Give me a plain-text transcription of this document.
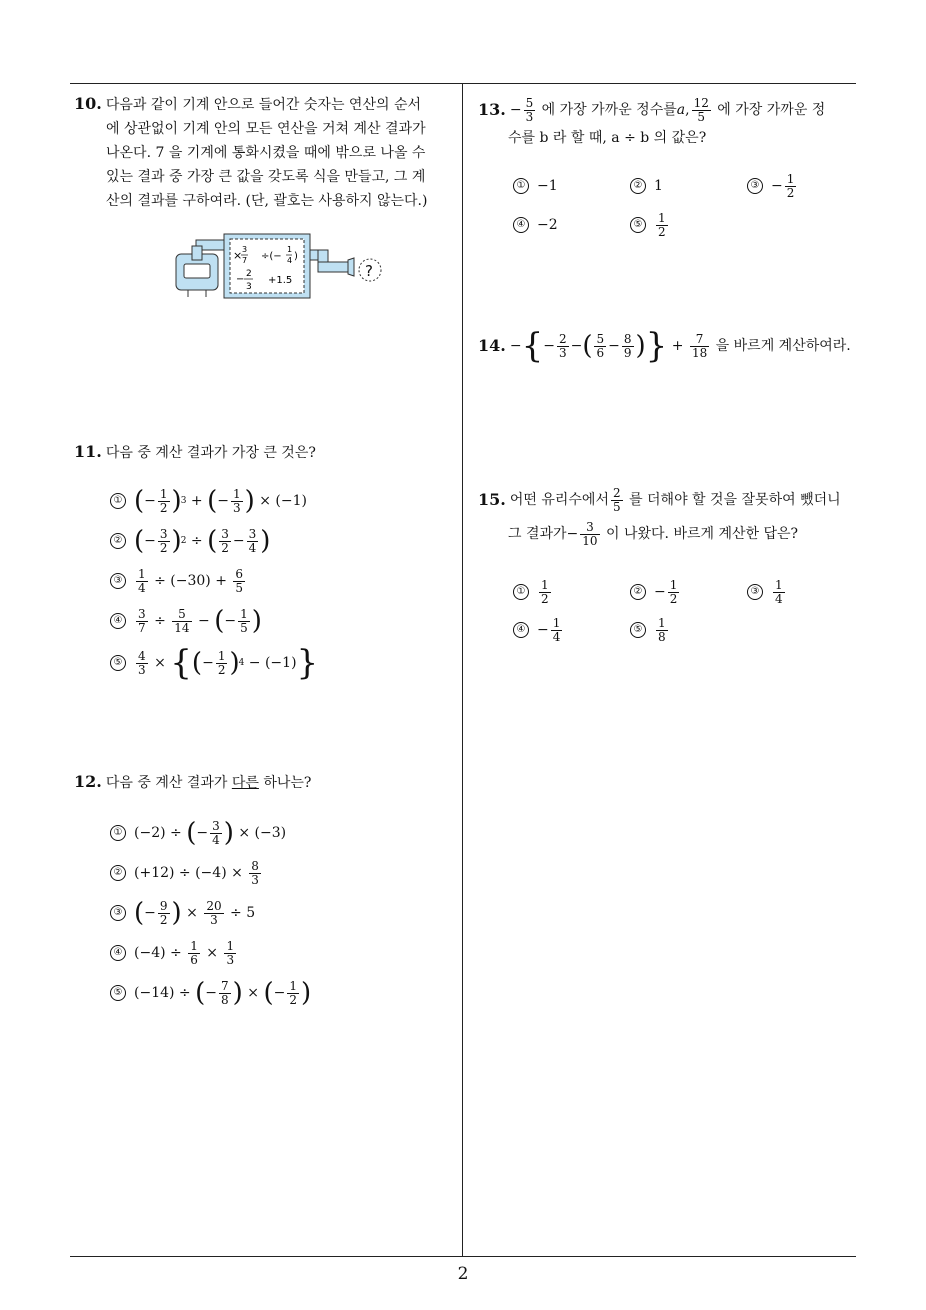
2
10. 다음과 같이 기계 안으로 들어간 숫자는 연산의 순서
에 상관없이 기계 안의 모든 연산을 거쳐 계산 결과가
나온다. 7 을 기계에 통화시켰을 때에 밖으로 나올 수
있는 결과 중 가장 큰 값을 갖도록 식을 만들고, 그 계
산의 결과를 구하여라. (단, 괄호는 사용하지 않는다.)
?
× 3
7 ÷(−
1
4 )
− 2
3
+1.5
11. 다음 중 계산 결과가 가장 큰 것은?
① ( − $\frac{1}{2}$ ) 3 + ( − $\frac{1}{3}$ ) × (−1)
② ( − $\frac{3}{2}$ ) 2 ÷ ( $\frac{3}{2} - \frac{3}{4}$ )
③ $\frac{1}{4} \div (-30) + \frac{6}{5}$
④ $\frac{3}{7} \div \frac{5}{14}$ − ( − $\frac{1}{5}$ )
⑤ $\frac{4}{3}$ × { ( − $\frac{1}{2}$ ) 4 − (−1) }
12. 다음 중 계산 결과가 다른 하나는?
① (−2) ÷ ( − $\frac{3}{4}$ ) × (−3)
② $(+12) \div (-4) \times \frac{8}{3}$
③ ( − $\frac{9}{2}$ ) × $\frac{20}{3} \div 5$
④ $(-4) \div \frac{1}{6} \times \frac{1}{3}$
⑤ (−14) ÷ ( − $\frac{7}{8}$ ) × ( − $\frac{1}{2}$ )
13. − $\frac{5}{3}$
에 가장 가까운 정수를 a , $\frac{12}{5}$
에 가장 가까운 정
수를 b 라 할 때, a ÷ b 의 값은?
① −1	② 1	③ − $\frac{1}{2}$
④ −2	⑤ $\frac{1}{2}$
14. − { − $\frac{2}{3}$ − ( $\frac{5}{6} - \frac{8}{9}$ ) } + $\frac{7}{18}$
을 바르게 계산하여라.
15. 어떤 유리수에서 $\frac{2}{5}$
를 더해야 할 것을 잘못하여 뺐더니
그 결과가 − $\frac{3}{10}$
이 나왔다. 바르게 계산한 답은?
① $\frac{1}{2}$	② − $\frac{1}{2}$	③ $\frac{1}{4}$
④ − $\frac{1}{4}$	⑤ $\frac{1}{8}$
